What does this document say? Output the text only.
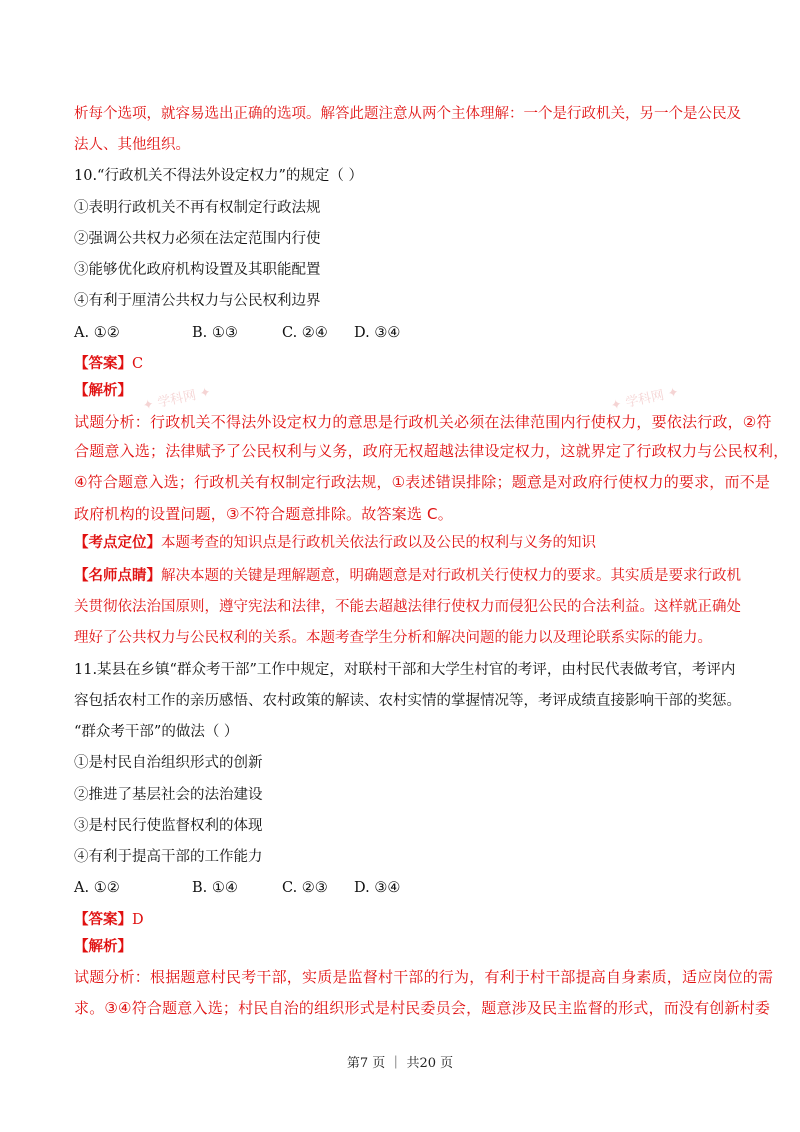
✦ 学科网 ✦	✦ 学科网 ✦
析每个选项，就容易选出正确的选项。解答此题注意从两个主体理解：一个是行政机关，另一个是公民及
法人、其他组织。
10.“行政机关不得法外设定权力”的规定（ ）
①表明行政机关不再有权制定行政法规
②强调公共权力必须在法定范围内行使
③能够优化政府机构设置及其职能配置
④有利于厘清公共权力与公民权利边界
A. ①②	B. ①③	C. ②④	D. ③④
【答案】C
【解析】
试题分析：行政机关不得法外设定权力的意思是行政机关必须在法律范围内行使权力，要依法行政，②符
合题意入选；法律赋予了公民权利与义务，政府无权超越法律设定权力，这就界定了行政权力与公民权利，
④符合题意入选；行政机关有权制定行政法规，①表述错误排除；题意是对政府行使权力的要求，而不是
政府机构的设置问题，③不符合题意排除。故答案选 C。
【考点定位】本题考查的知识点是行政机关依法行政以及公民的权利与义务的知识
【名师点睛】解决本题的关键是理解题意，明确题意是对行政机关行使权力的要求。其实质是要求行政机
关贯彻依法治国原则，遵守宪法和法律，不能去超越法律行使权力而侵犯公民的合法利益。这样就正确处
理好了公共权力与公民权利的关系。本题考查学生分析和解决问题的能力以及理论联系实际的能力。
11.某县在乡镇“群众考干部”工作中规定，对联村干部和大学生村官的考评，由村民代表做考官，考评内
容包括农村工作的亲历感悟、农村政策的解读、农村实情的掌握情况等，考评成绩直接影响干部的奖惩。
“群众考干部”的做法（ ）
①是村民自治组织形式的创新
②推进了基层社会的法治建设
③是村民行使监督权利的体现
④有利于提高干部的工作能力
A. ①②	B. ①④	C. ②③	D. ③④
【答案】D
【解析】
试题分析：根据题意村民考干部，实质是监督村干部的行为，有利于村干部提高自身素质，适应岗位的需
求。③④符合题意入选；村民自治的组织形式是村民委员会，题意涉及民主监督的形式，而没有创新村委
第7 页 ｜ 共20 页
